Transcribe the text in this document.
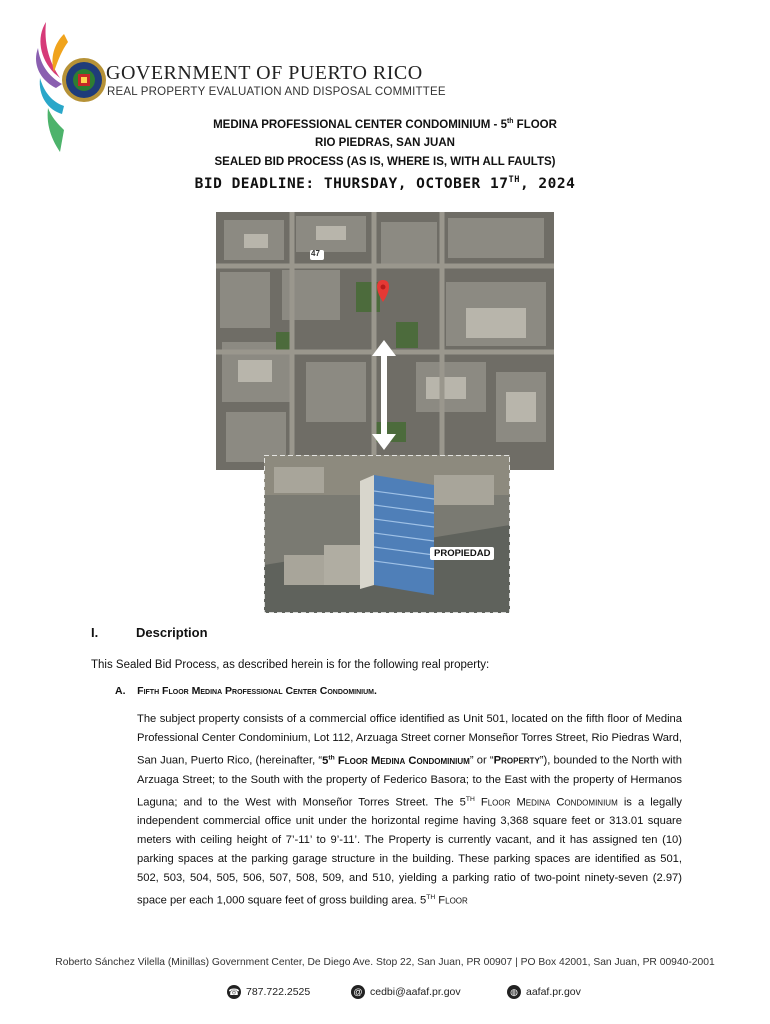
GOVERNMENT OF PUERTO RICO
REAL PROPERTY EVALUATION AND DISPOSAL COMMITTEE
MEDINA PROFESSIONAL CENTER CONDOMINIUM - 5th FLOOR
RIO PIEDRAS, SAN JUAN
SEALED BID PROCESS (AS IS, WHERE IS, WITH ALL FAULTS)
BID DEADLINE: THURSDAY, OCTOBER 17TH, 2024
47
PROPIEDAD
I.	Description
This Sealed Bid Process, as described herein is for the following real property:
A. Fifth Floor Medina Professional Center Condominium.
The subject property consists of a commercial office identified as Unit 501, located on the fifth floor of Medina Professional Center Condominium, Lot 112, Arzuaga Street corner Monseñor Torres Street, Rio Piedras Ward, San Juan, Puerto Rico, (hereinafter, “5th Floor Medina Condominium” or “Property”), bounded to the North with Arzuaga Street; to the South with the property of Federico Basora; to the East with the property of Hermanos Laguna; and to the West with Monseñor Torres Street. The 5TH Floor Medina Condominium is a legally independent commercial office unit under the horizontal regime having 3,368 square feet or 313.01 square meters with ceiling height of 7’-11’ to 9’-11’. The Property is currently vacant, and it has assigned ten (10) parking spaces at the parking garage structure in the building. These parking spaces are identified as 501, 502, 503, 504, 505, 506, 507, 508, 509, and 510, yielding a parking ratio of two-point ninety-seven (2.97) space per each 1,000 square feet of gross building area. 5TH Floor
Roberto Sánchez Vilella (Minillas) Government Center, De Diego Ave. Stop 22, San Juan, PR 00907 | PO Box 42001, San Juan, PR 00940-2001
☎ 787.722.2525	@ cedbi@aafaf.pr.gov	◍ aafaf.pr.gov
